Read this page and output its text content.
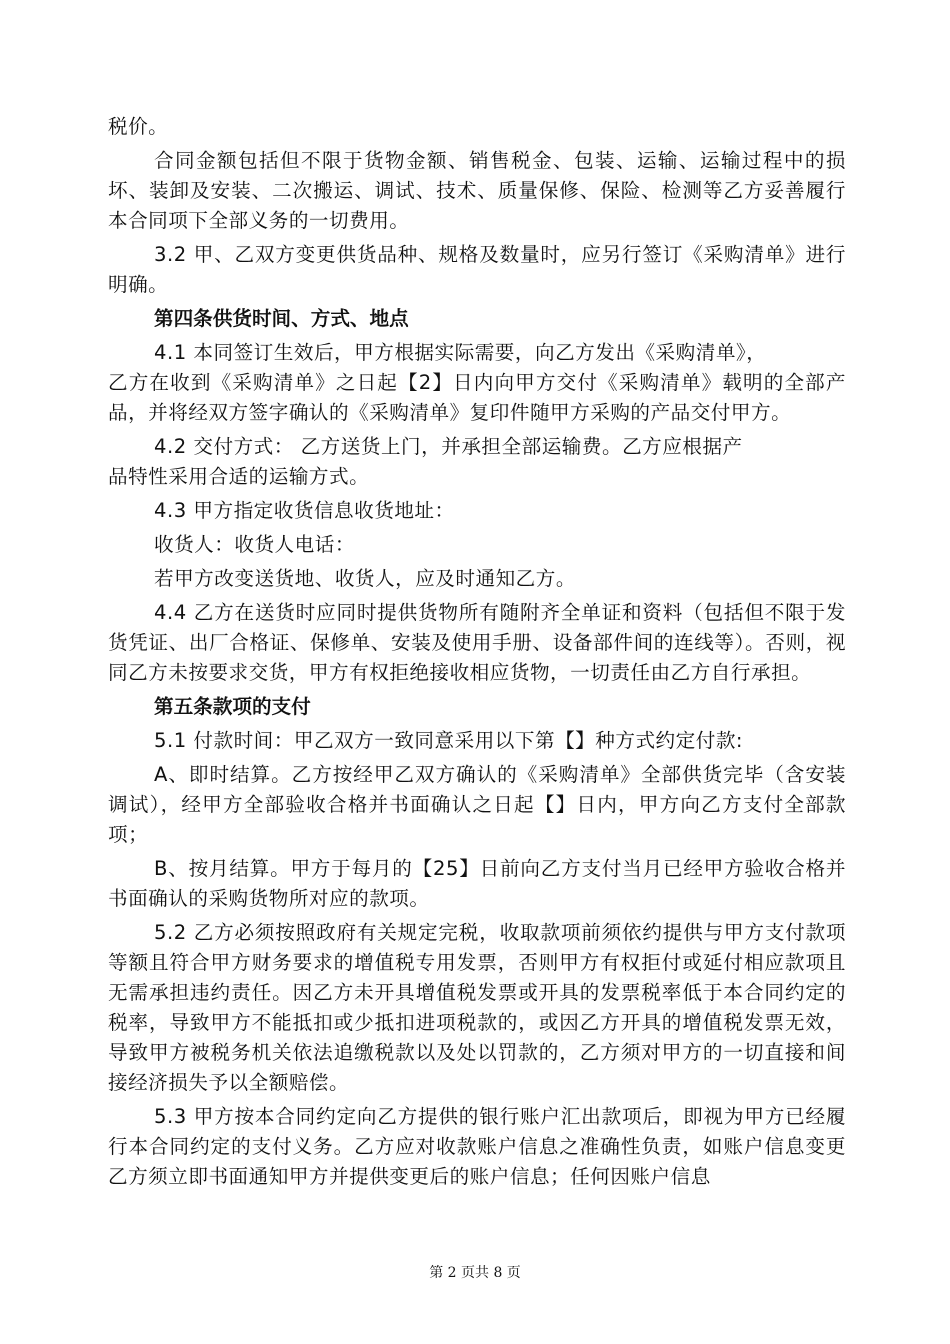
税价。

合同金额包括但不限于货物金额、销售税金、包装、运输、运输过程中的损坏、装卸及安装、二次搬运、调试、技术、质量保修、保险、检测等乙方妥善履行本合同项下全部义务的一切费用。

3.2 甲、乙双方变更供货品种、规格及数量时，应另行签订《采购清单》进行明确。

第四条供货时间、方式、地点

4.1 本同签订生效后，甲方根据实际需要，向乙方发出《采购清单》，

乙方在收到《采购清单》之日起【2】日内向甲方交付《采购清单》载明的全部产品，并将经双方签字确认的《采购清单》复印件随甲方采购的产品交付甲方。

4.2 交付方式： 乙方送货上门，并承担全部运输费。乙方应根据产

品特性采用合适的运输方式。

4.3 甲方指定收货信息收货地址：

收货人：收货人电话：

若甲方改变送货地、收货人，应及时通知乙方。

4.4 乙方在送货时应同时提供货物所有随附齐全单证和资料（包括但不限于发货凭证、出厂合格证、保修单、安装及使用手册、设备部件间的连线等）。否则，视同乙方未按要求交货，甲方有权拒绝接收相应货物，一切责任由乙方自行承担。

第五条款项的支付

5.1 付款时间：甲乙双方一致同意采用以下第【】种方式约定付款:

A、即时结算。乙方按经甲乙双方确认的《采购清单》全部供货完毕（含安装调试），经甲方全部验收合格并书面确认之日起【】日内，甲方向乙方支付全部款项；

B、按月结算。甲方于每月的【25】日前向乙方支付当月已经甲方验收合格并书面确认的采购货物所对应的款项。

5.2 乙方必须按照政府有关规定完税，收取款项前须依约提供与甲方支付款项等额且符合甲方财务要求的增值税专用发票，否则甲方有权拒付或延付相应款项且无需承担违约责任。因乙方未开具增值税发票或开具的发票税率低于本合同约定的税率，导致甲方不能抵扣或少抵扣进项税款的，或因乙方开具的增值税发票无效，导致甲方被税务机关依法追缴税款以及处以罚款的，乙方须对甲方的一切直接和间接经济损失予以全额赔偿。

5.3 甲方按本合同约定向乙方提供的银行账户汇出款项后，即视为甲方已经履行本合同约定的支付义务。乙方应对收款账户信息之准确性负责，如账户信息变更乙方须立即书面通知甲方并提供变更后的账户信息；任何因账户信息

第 2 页共 8 页
